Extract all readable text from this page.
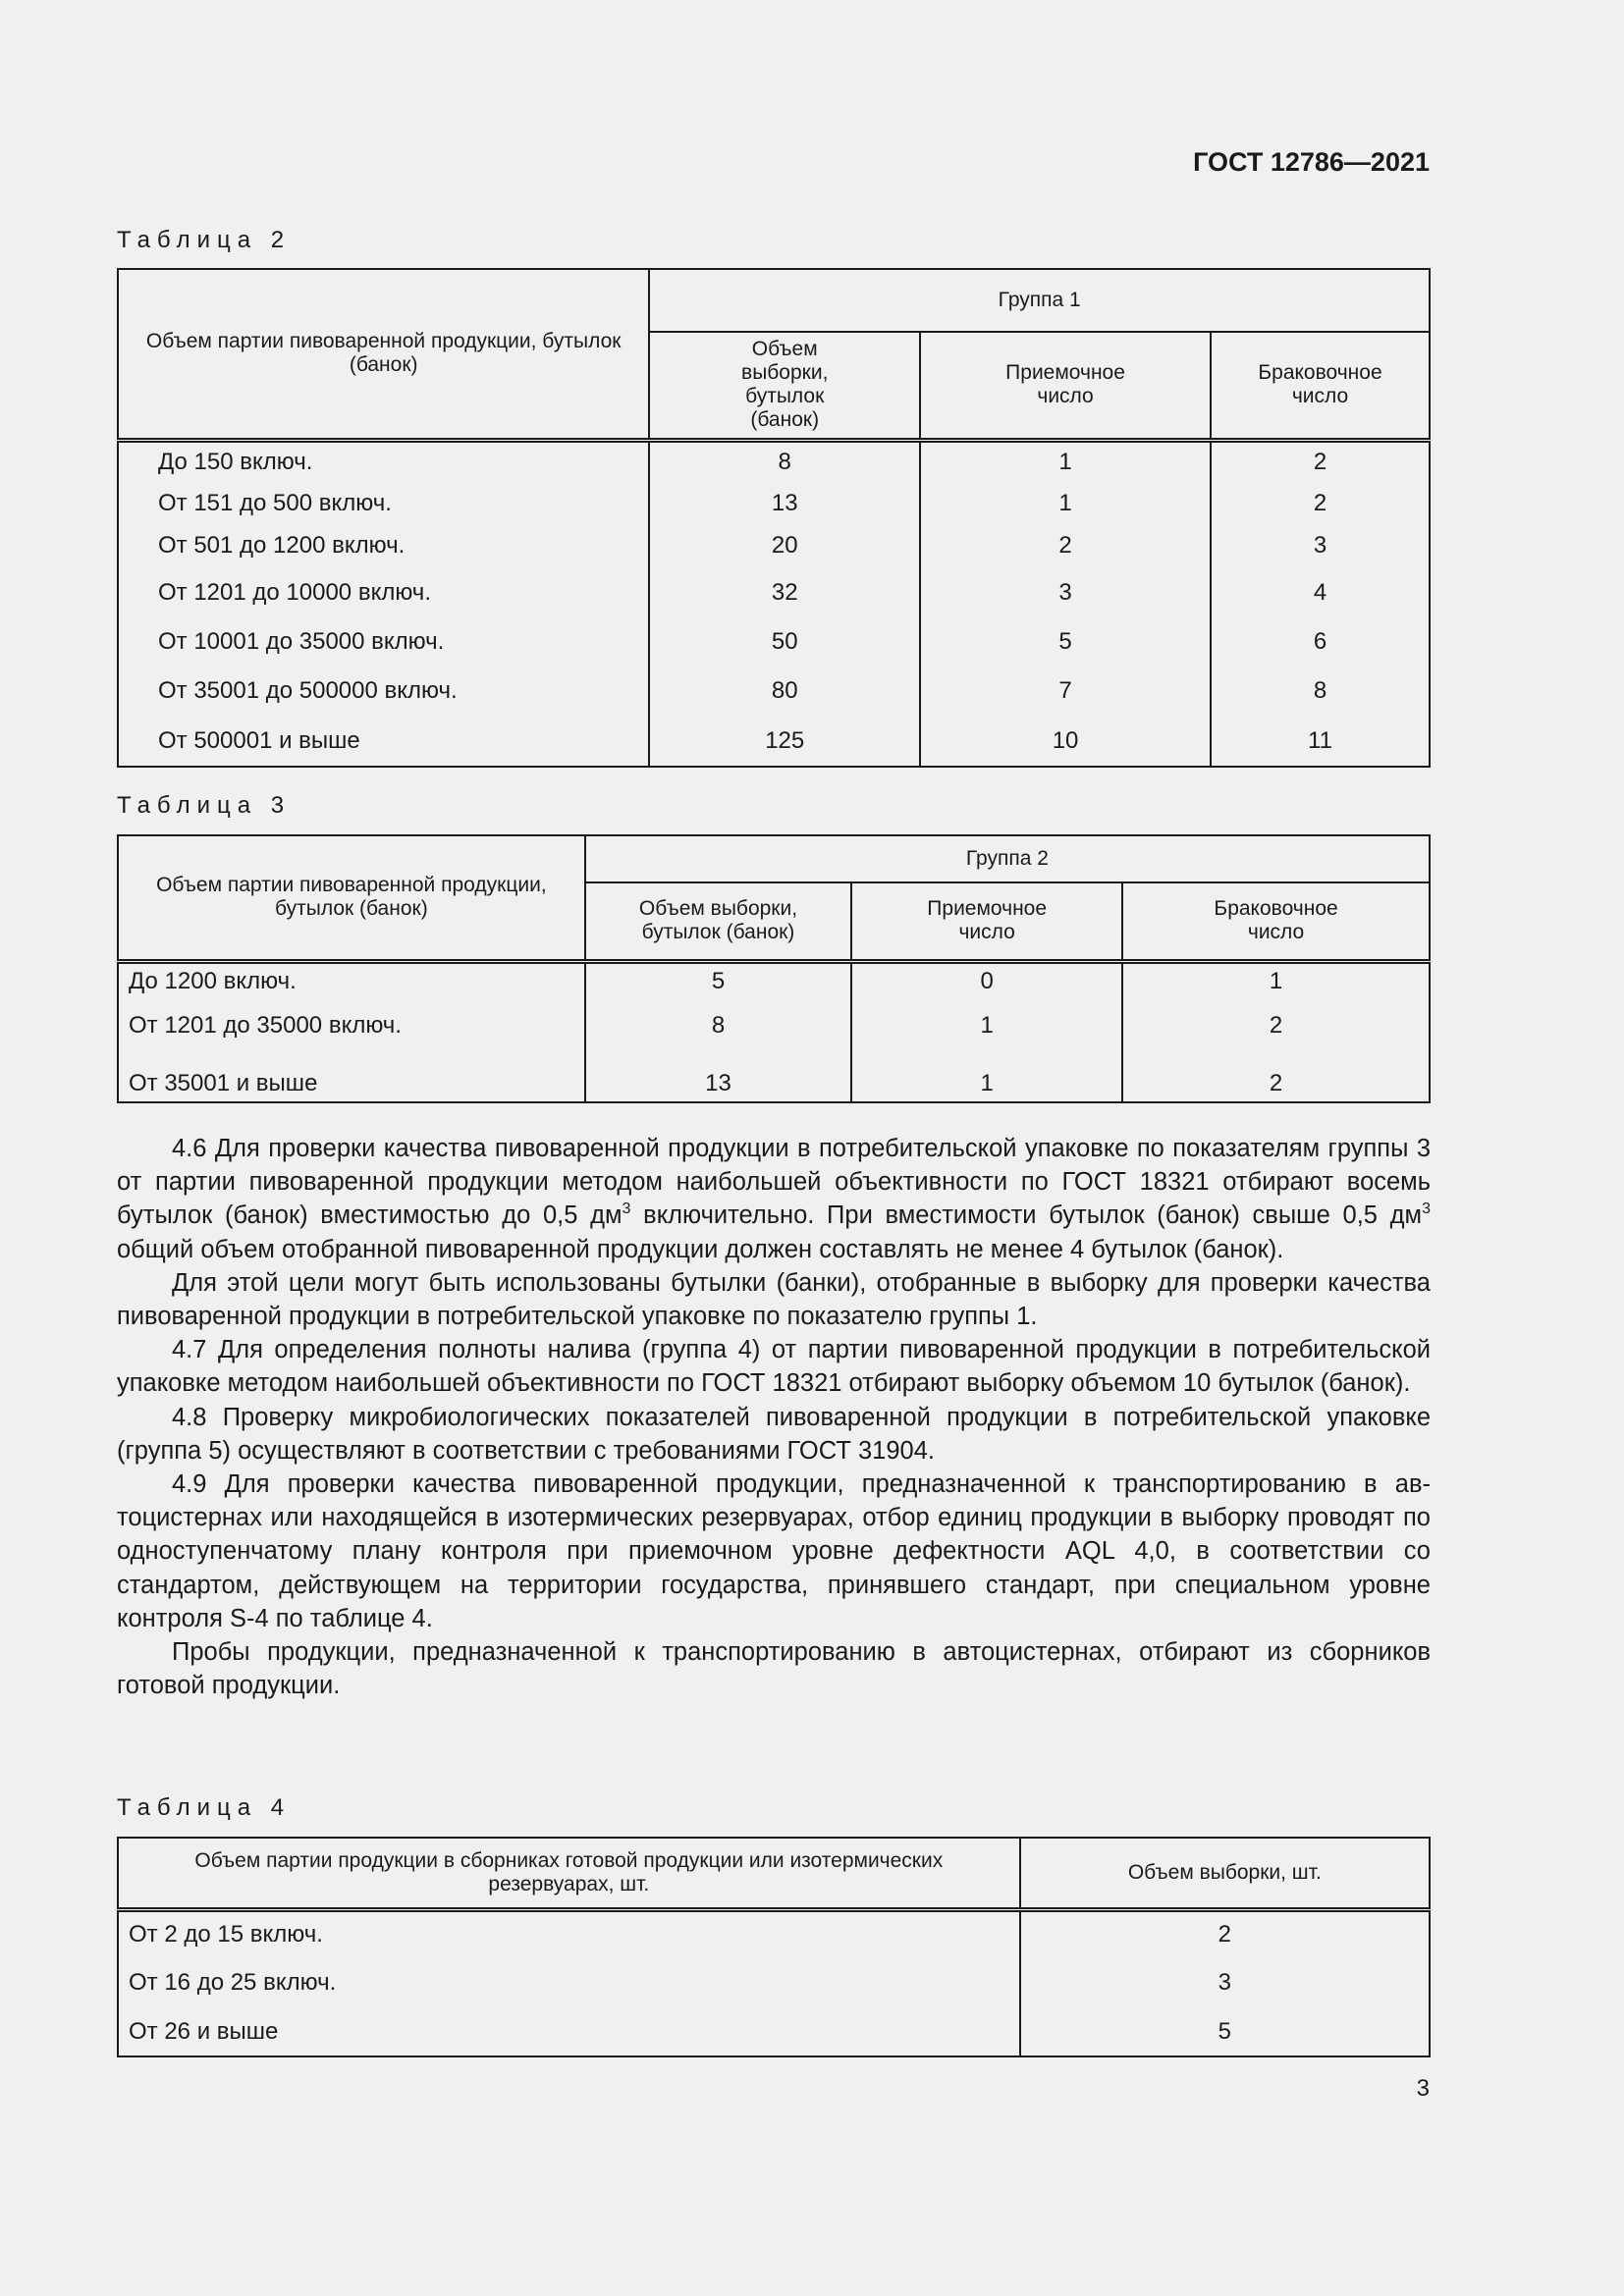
ГОСТ 12786—2021
Таблица 2
Объем партии пивоваренной продукции, бутылок (банок)	Группа 1		
	Объем выборки, бутылок (банок)	Приемочное число	Браковочное число
До 150 включ.	8	1	2
От 151 до 500 включ.	13	1	2
От 501 до 1200 включ.	20	2	3
От 1201 до 10000 включ.	32	3	4
От 10001 до 35000 включ.	50	5	6
От 35001 до 500000 включ.	80	7	8
От 500001 и выше	125	10	11
Таблица 3
Объем партии пивоваренной продукции, бутылок (банок)	Группа 2		
	Объем выборки, бутылок (банок)	Приемочное число	Браковочное число
До 1200 включ.	5	0	1
От 1201 до 35000 включ.	8	1	2
От 35001 и выше	13	1	2

4.6 Для проверки качества пивоваренной продукции в потребительской упаковке по показателям группы 3 от партии пивоваренной продукции методом наибольшей объективности по ГОСТ 18321 отбирают восемь бутылок (банок) вместимостью до 0,5 $дм^3$ включительно. При вместимости бутылок (банок) свыше 0,5 $дм^3$ общий объем отобранной пивоваренной продукции должен составлять не менее 4 бутылок (банок).

Для этой цели могут быть использованы бутылки (банки), отобранные в выборку для проверки качества пивоваренной продукции в потребительской упаковке по показателю группы 1.

4.7 Для определения полноты налива (группа 4) от партии пивоваренной продукции в потребительской упаковке методом наибольшей объективности по ГОСТ 18321 отбирают выборку объемом 10 бутылок (банок).

4.8 Проверку микробиологических показателей пивоваренной продукции в потребительской упаковке (группа 5) осуществляют в соответствии с требованиями ГОСТ 31904.

4.9 Для проверки качества пивоваренной продукции, предназначенной к транспортированию в автоцистернах или находящейся в изотермических резервуарах, отбор единиц продукции в выборку проводят по одноступенчатому плану контроля при приемочном уровне дефектности AQL 4,0, в соответствии со стандартом, действующем на территории государства, принявшего стандарт, при специальном уровне контроля S-4 по таблице 4.

Пробы продукции, предназначенной к транспортированию в автоцистернах, отбирают из сборников готовой продукции.

Таблица 4
Объем партии продукции в сборниках готовой продукции или изотермических резервуарах, шт.	Объем выборки, шт.
От 2 до 15 включ.	2
От 16 до 25 включ.	3
От 26 и выше	5
3
